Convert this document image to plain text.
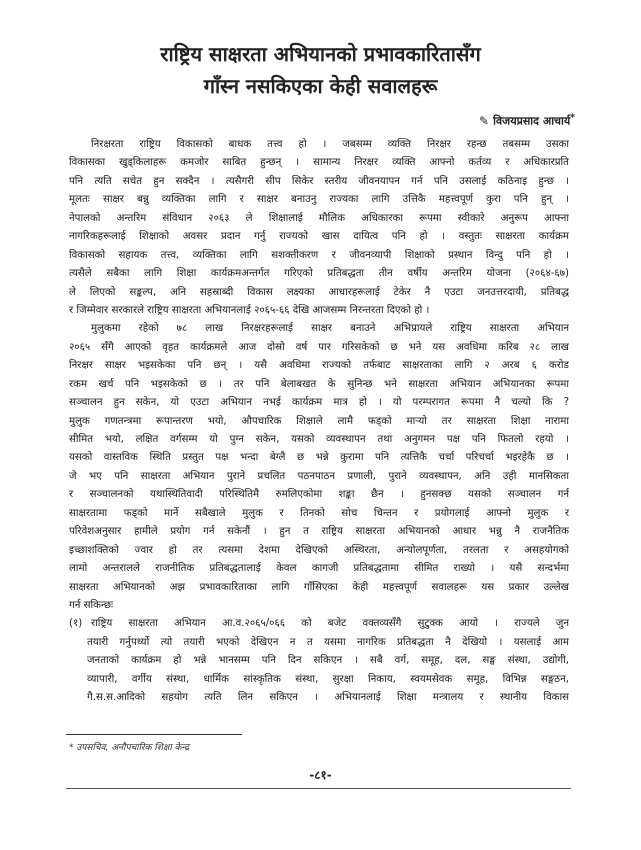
राष्ट्रिय साक्षरता अभियानको प्रभावकारितासँग
गाँस्न नसकिएका केही सवालहरू
✎ विजयप्रसाद आचार्य*
निरक्षरता राष्ट्रिय विकासको बाधक तत्त्व हो । जबसम्म व्यक्ति निरक्षर रहन्छ तबसम्म उसका
विकासका खुड्किलाहरू कमजोर साबित हुन्छन् । सामान्य निरक्षर व्यक्ति आफ्नो कर्तव्य र अधिकारप्रति
पनि त्यति सचेत हुन सक्दैन । त्यसैगरी सीप सिकेर स्तरीय जीवनयापन गर्न पनि उसलाई कठिनाइ हुन्छ ।
मूलतः साक्षर बन्नु व्यक्तिका लागि र साक्षर बनाउनु राज्यका लागि उत्तिकै महत्त्वपूर्ण कुरा पनि हुन् ।
नेपालको अन्तरिम संविधान २०६३ ले शिक्षालाई मौलिक अधिकारका रूपमा स्वीकारे अनुरूप आफ्ना
नागरिकहरूलाई शिक्षाको अवसर प्रदान गर्नु राज्यको खास दायित्व पनि हो । वस्तुतः साक्षरता कार्यक्रम
विकासको सहायक तत्त्व, व्यक्तिका लागि सशक्तीकरण र जीवनव्यापी शिक्षाको प्रस्थान विन्दु पनि हो ।
त्यसैले सबैका लागि शिक्षा कार्यक्रमअन्तर्गत गरिएको प्रतिबद्धता तीन वर्षीय अन्तरिम योजना (२०६४-६७)
ले लिएको सङ्कल्प, अनि सहस्राब्दी विकास लक्ष्यका आधारहरूलाई टेकेर नै एउटा जनउत्तरदायी, प्रतिबद्ध
र जिम्मेवार सरकारले राष्ट्रिय साक्षरता अभियानलाई २०६५-६६ देखि आजसम्म निरन्तरता दिएको हो ।
मुलुकमा रहेको ७८ लाख निरक्षरहरूलाई साक्षर बनाउने अभिप्रायले राष्ट्रिय साक्षरता अभियान
२०६५ सँगै आएको वृहत कार्यक्रमले आज दोस्रो वर्ष पार गरिसकेको छ भने यस अवधिमा करिब २८ लाख
निरक्षर साक्षर भइसकेका पनि छन् । यसै अवधिमा राज्यको तर्फबाट साक्षरताका लागि २ अरब ६ करोड
रकम खर्च पनि भइसकेको छ । तर पनि बेलाबखत के सुनिन्छ भने साक्षरता अभियान अभियानका रूपमा
सञ्चालन हुन सकेन, यो एउटा अभियान नभई कार्यक्रम मात्र हो । यो परम्परागत रूपमा नै चल्यो कि ?
मुलुक गणतन्त्रमा रूपान्तरण भयो, औपचारिक शिक्षाले लामै फड्को मार्‍यो तर साक्षरता शिक्षा नारामा
सीमित भयो, लक्षित वर्गसम्म यो पुग्न सकेन, यसको व्यवस्थापन तथा अनुगमन पक्ष पनि फितलो रहयो ।
यसको वास्तविक स्थिति प्रस्तुत पक्ष भन्दा बेग्लै छ भन्ने कुरामा पनि त्यत्तिकै चर्चा परिचर्चा भइरहेकै छ ।
जे भए पनि साक्षरता अभियान पुराने प्रचलित पठनपाठन प्रणाली, पुराने व्यवस्थापन, अनि उही मानसिकता
र सञ्चालनको यथास्थितिवादी परिस्थितिमै रुमलिएकोमा शङ्का छैन । हुनसक्छ यसको सञ्चालन गर्न
साक्षरतामा फड्को मार्ने सबैखाले मुलुक र तिनको सोच चिन्तन र प्रयोगलाई आफ्नो मुलुक र
परिवेशअनुसार हामीले प्रयोग गर्न सकेनौं । हुन त राष्ट्रिय साक्षरता अभियानको आधार भन्नु नै राजनैतिक
इच्छाशक्तिको ज्वार हो तर त्यसमा देशमा देखिएको अस्थिरता, अन्योलपूर्णता, तरलता र असहयोगको
लामो अन्तरालले राजनीतिक प्रतिबद्धतालाई केवल कागजी प्रतिबद्धतामा सीमित राख्यो । यसै सन्दर्भमा
साक्षरता अभियानको अझ प्रभावकारिताका लागि गाँसिएका केही महत्त्वपूर्ण सवालहरू यस प्रकार उल्लेख
गर्न सकिन्छः
(१) राष्ट्रिय साक्षरता अभियान आ.व.२०६५/०६६ को बजेट वक्तव्यसँगै सुटुक्क आयो । राज्यले जुन
तयारी गर्नुपर्थ्यो त्यो तयारी भएको देखिएन न त यसमा नागरिक प्रतिबद्धता नै देखियो । यसलाई आम
जनताको कार्यक्रम हो भन्ने भानसम्म पनि दिन सकिएन । सबै वर्ग, समूह, दल, सङ्घ संस्था, उद्योगी,
व्यापारी, वर्गीय संस्था, धार्मिक सांस्कृतिक संस्था, सुरक्षा निकाय, स्वयमसेवक समूह, विभिन्न सङ्गठन,
गै.स.स.आदिको सहयोग त्यति लिन सकिएन । अभियानलाई शिक्षा मन्त्रालय र स्थानीय विकास
* उपसचिव, अनौपचारिक शिक्षा केन्द्र
-८१-
